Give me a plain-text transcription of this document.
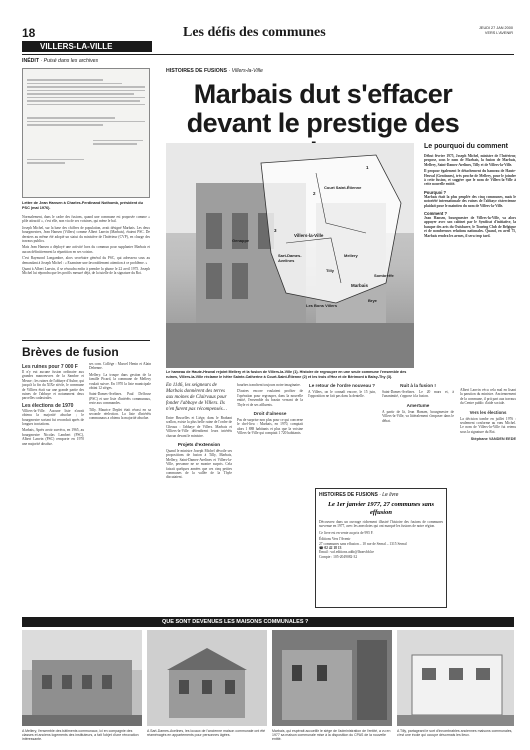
18
VILLERS-LA-VILLE
Les défis des communes	JEUDI 27 JAN 2000
VERS L'AVENIR
INÉDIT · Puisé dans les archives
Lettre de Jean Hansen à Charles-Ferdinand Nothomb, président du PSC (mai 1976).

Normalement, dans le cadre des fusions, quand une commune est proposée comme « pôle attractif », c'est elle, non via de ses voisines, qui mène le bal.

Joseph Michel, sur la base des chiffres de population, avait désigné Marbais. Les deux bourgmestres, Jean Hansen (Villers) comme Albert Lanvin (Marbais), étaient PSC. De derniers au même été adopté un statut du ministère de l'Intérieur (CVP), en charge des travaux publics.

Mais Jean Hansen a déployé une activité hors du commun pour supplanter Marbais et aucun définitivement la répartition en ses voisins.

C'est Raymond Longambre, alors secrétaire général du PSC, qui adressera sous au demandant à Joseph Michel : « Examiner une favorablement attention à ce problème. »

Quant à Albert Lanvin, il se résoudra enfin à prendre la plume le 22 avril 1975. Joseph Michel lui répondra que les profils mesuré déjà, de la tutelle de la signature du Roi.

Brèves de fusion
Les ruines pour 7 000 F

Il n'y eut aucune fusion ordinaire aux grandes manoeuvres de la Sambre et Meuse ; les ruines de l'abbaye d'Aulne, qui jusqu'à la fin du XIXe siècle, le commune de Villiers était sur une grande partie des ruines de l'abbaye et notamment deux parcelles cadastrales.

Les élections de 1970

Villiers-la-Ville. Aucune liste n'avait obtenu la majorité absolue ; le bourgmestre sortant fut reconduit après de longues tractations.

Marbais, Après avoir survécu, en 1965, au bourgmestre Nicolas Lambert (PSC), Albert Lanvin (PSC) remporte en 1970 une majorité absolue.

ses com. Collège : Marcel Henin et Alain Dehenne.

Mellery. La troupe dans gestion de la famille Picard, la commune de Mellery voulait suivre. En 1970 la liste municipale obtint 12 sièges.

Saint-Dames-Avelines. Paul Delfosse (PSC) et une liste d'intérêts communaux, reste aux commandes.

Tilly. Maurice Deplet était réussi en sa seconde réelection. La liste d'intérêts communaux a obtenu la majorité absolue.

HISTOIRES DE FUSIONS · Villers-la-Ville
Marbais dut s'effacer devant le prestige des
Court Saint-Étienne
Genappe
Villers-la-Ville
Sart-Dames-Avelines
Mellery
Marbais
Tilly
Sombreffe
Les Bons Villers
Brye
1
2
3
Le hameau de Haute-Heuval rejoint Mellery et la fusion de Villers-la-Ville (1). Histoire de regrouper en une seule commune l'ensemble des ruines, Villers-la-Ville réclame le hêtre Sainte-Catherine à Court-Saint-Étienne (2) et les trois d'Hez et de Bérimont à Baisy-Thy (3).
Le pourquoi du comment

Début février 1975, Joseph Michel, ministre de l'Intérieur, propose, sous le nom de Marbais, la fusion de Marbais, Mellery, Saint-Dames-Avelines, Tilly et de Villers-la-Ville.

Il propose également le détachement du hameau de Haute-Heuval (Gentinnes), très proche de Mellery, pour le joindre à cette fusion, et suggère que le nom de Villers-la-Ville à cette nouvelle entité.

Pourquoi ?

Marbais était la plus peuplée des cinq communes, mais le notoriété internationale des ruines de l'abbaye cistercienne plaidait pour le maintien du nom de Villers-la-Ville.

Comment ?

Jean Hansen, bourgmestre de Villers-la-Ville, va alors appuyer avec son cabinet par le Syndicat d'initiative, la banque des arts du Ouisbarre, le Touring Club de Belgique et de nombreuses relations nationales. Quand, en avril 75, Marbais rendra les armes, il sera trop tard.

Albert Lanvin vécu cela mal en lisant la parution du ministre. Anciennement de la commune, il prit part aux travaux du Centre public d'aide sociale.

Vers les élections

La décision tombe en juillet 1976 : seulement conforme au vœu Michel. Le nom de Villers-la-Ville fut retenu sous la signature du Roi.

Stéphane VANDEN EEDE

En 1146, les seigneurs de Marbais donnèrent des terres aux moines de Clairvaux pour fonder l'abbaye de Villers. Ils n'en furent pas récompensés…

Entre Bruxelles et Liège, dans le Brabant wallon, existe la plus belle ruine de l'ordre de Cîteaux : l'abbaye de Villers. Marbais et Villiers-la-Ville défendirent leurs intérêts chacun devant le ministre.

Projets d'extension

Quand le ministre Joseph Michel dévoile ses propositions de fusion à Tilly, Marbais, Mellery, Saint-Dames-Avelines et Villers-la-Ville, personne ne se montre surpris. Cela faisait quelques années que ces cinq petites communes de la vallée de la Thyle discutaient.

bourbes tranchent toujours notre imaginaire.

D'autres encore voulaient profiter de l'opération pour regrouper, dans la nouvelle entité, l'ensemble du bassin versant de la Thyle et de ses affluents.

Droit d'aînesse

Pas de surprise non plus pour ce qui concerne le chef-lieu : Marbais, en 1970, comptait alors 1 888 habitants et plus que la voisine Villers-la-Ville qui comptait 1 720 habitants.

Le retour de l'ordre nouveau ?

A Villers, on le connaît encore, le 15 juin, l'opposition ne fait pas dans la dentelle.

Nuit à la fusion !

Saint-Dames-Avelines. Le 20 mars et, à l'unanimité, s'oppose à la fusion.

Amertume

A partir de là, Jean Hansen, bourgmestre de Villers-la-Ville, va littéralement s'imposer dans le débat.

HISTOIRES DE FUSIONS · Le livre
Le 1er janvier 1977, 27 communes sans effusion

Découvrez dans un ouvrage richement illustré l'histoire des fusions de communes survenue en 1977, avec les anecdotes qui ont marqué les fusions de notre région.

Ce livre est en vente au prix de 995 F.

Éditions Vers l'Avenir

27 communes sans effusion – 10 rue de Sernal – 1315 Sernal

☎ 02 42 18 13

Email : vaf.editions.addr@lbonvbb.be

Compte : 105-2049082-32

QUE SONT DEVENUES LES MAISONS COMMUNALES ?
A Mellery, l'ensemble des bâtiments communaux, ici en compagnie des classes et anciens logements des instituteurs, a fait l'objet d'une rénovation intéressante.
A Sart-Dames-Avelines, les locaux de l'ancienne maison communale ont été réaménagés en appartements pour personnes âgées.
Marbais, qui espérait accueillir le siège de l'administration de l'entité, a vu en 1977 sa maison communale mise à la disposition du CPAS de la nouvelle entité.
A Tilly, partageant le sort d'innombrables anciennes maisons communales, c'est une école qui occupe désormais les lieux.
